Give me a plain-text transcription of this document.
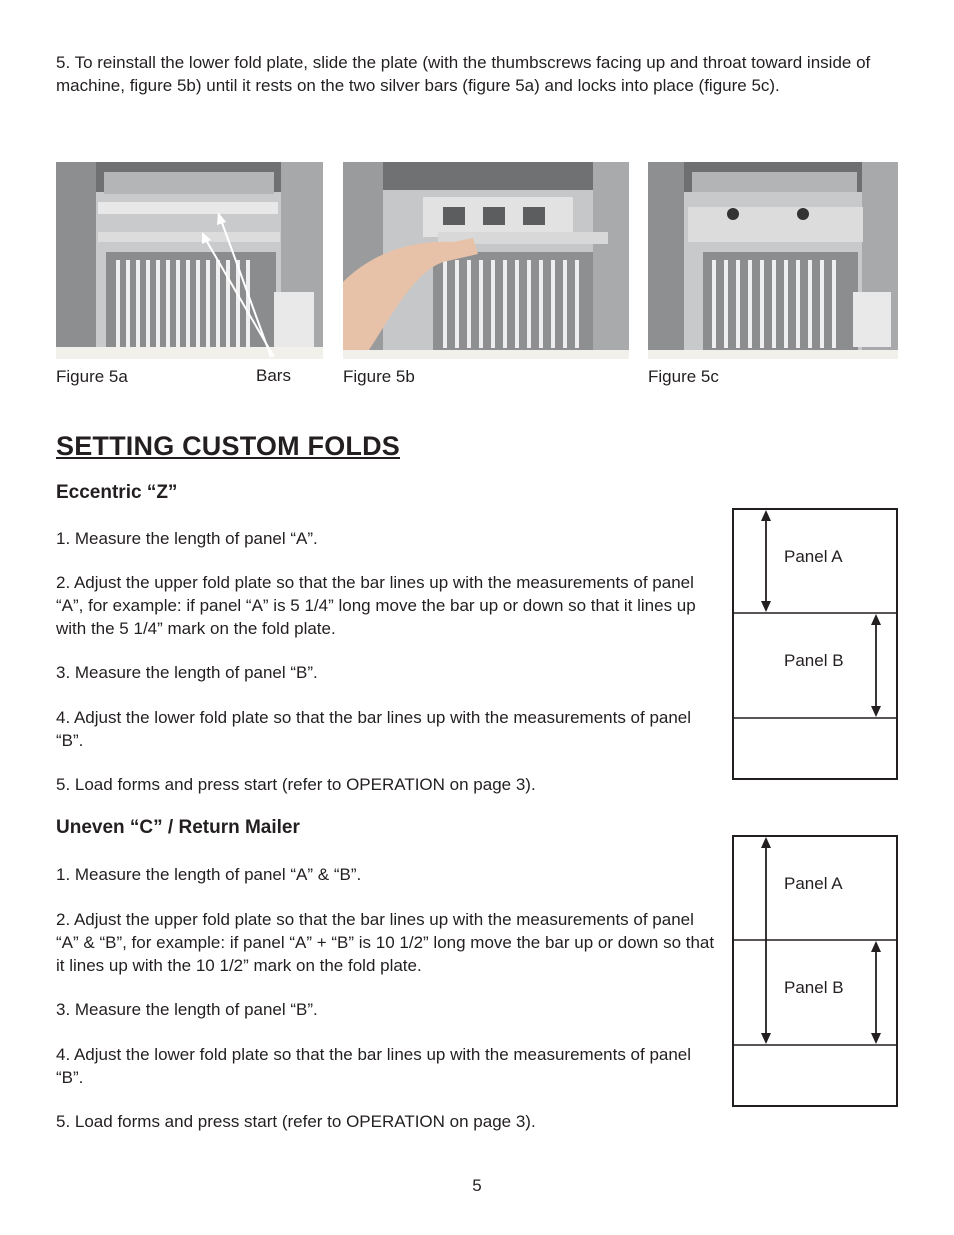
5. To reinstall the lower fold plate, slide the plate (with the thumbscrews facing up and throat toward inside of machine, figure 5b) until it rests on the two silver bars (figure 5a) and locks into place (figure 5c).

Figure 5a	Bars	Figure 5b	Figure 5c
SETTING CUSTOM FOLDS
Eccentric “Z”

1. Measure the length of panel “A”.

2. Adjust the upper fold plate so that the bar lines up with the measurements of panel “A”, for example: if panel “A” is 5 1/4” long move the bar up or down so that it lines up with the 5 1/4” mark on the fold plate.

3. Measure the length of panel “B”.

4. Adjust the lower fold plate so that the bar lines up with the measurements of panel “B”.

5. Load forms and press start (refer to OPERATION on page 3).

Panel A
Panel B
Uneven “C” / Return Mailer

1. Measure the length of panel “A” & “B”.

2. Adjust the upper fold plate so that the bar lines up with the measurements of panel “A” & “B”, for example: if panel “A” + “B” is 10 1/2” long move the bar up or down so that it lines up with the 10 1/2” mark on the fold plate.

3. Measure the length of panel “B”.

4. Adjust the lower fold plate so that the bar lines up with the measurements of panel “B”.

5. Load forms and press start (refer to OPERATION on page 3).

Panel A
Panel B
5
